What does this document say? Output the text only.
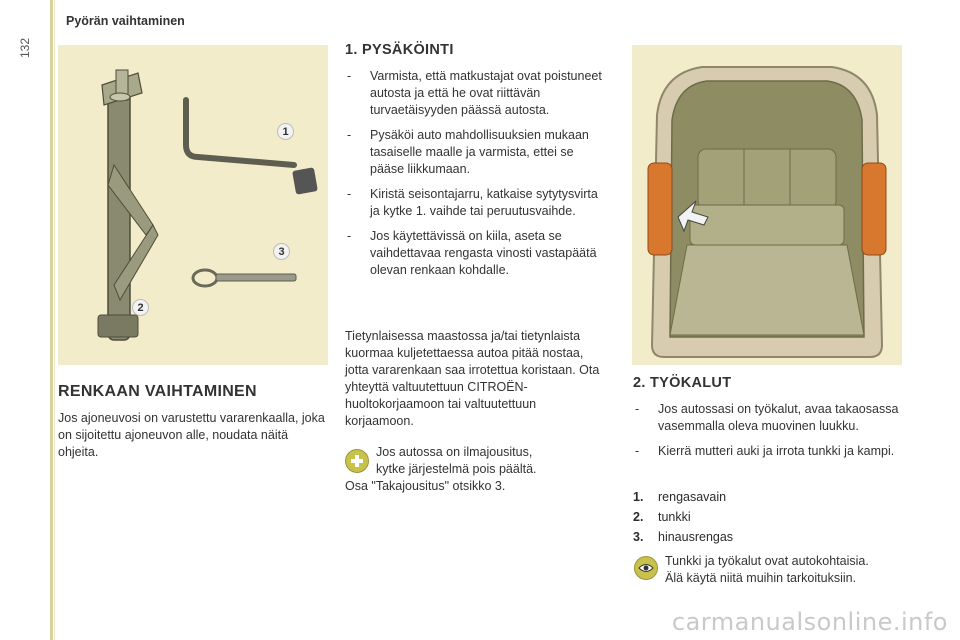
132
Pyörän vaihtaminen
1
2
3
RENKAAN VAIHTAMINEN
Jos ajoneuvosi on varustettu vararenkaalla, joka on sijoitettu ajoneuvon alle, noudata näitä ohjeita.
1. PYSÄKÖINTI
- Varmista, että matkustajat ovat poistuneet autosta ja että he ovat riittävän turvaetäisyyden päässä autosta.
- Pysäköi auto mahdollisuuksien mukaan tasaiselle maalle ja varmista, ettei se pääse liikkumaan.
- Kiristä seisontajarru, katkaise sytytysvirta ja kytke 1. vaihde tai peruutusvaihde.
- Jos käytettävissä on kiila, aseta se vaihdettavaa rengasta vinosti vastapäätä olevan renkaan kohdalle.
Tietynlaisessa maastossa ja/tai tietynlaista kuormaa kuljetettaessa autoa pitää nostaa, jotta vararenkaan saa irrotettua koristaan. Ota yhteyttä valtuutettuun CITROËN-huoltokorjaamoon tai valtuutettuun korjaamoon.
Jos autossa on ilmajousitus,
kytke järjestelmä pois päältä.
Osa "Takajousitus" otsikko 3.
2. TYÖKALUT
- Jos autossasi on työkalut, avaa takaosassa vasemmalla oleva muovinen luukku.
- Kierrä mutteri auki ja irrota tunkki ja kampi.
1. rengasavain
2. tunkki
3. hinausrengas
Tunkki ja työkalut ovat autokohtaisia.
Älä käytä niitä muihin tarkoituksiin.
carmanualsonline.info
